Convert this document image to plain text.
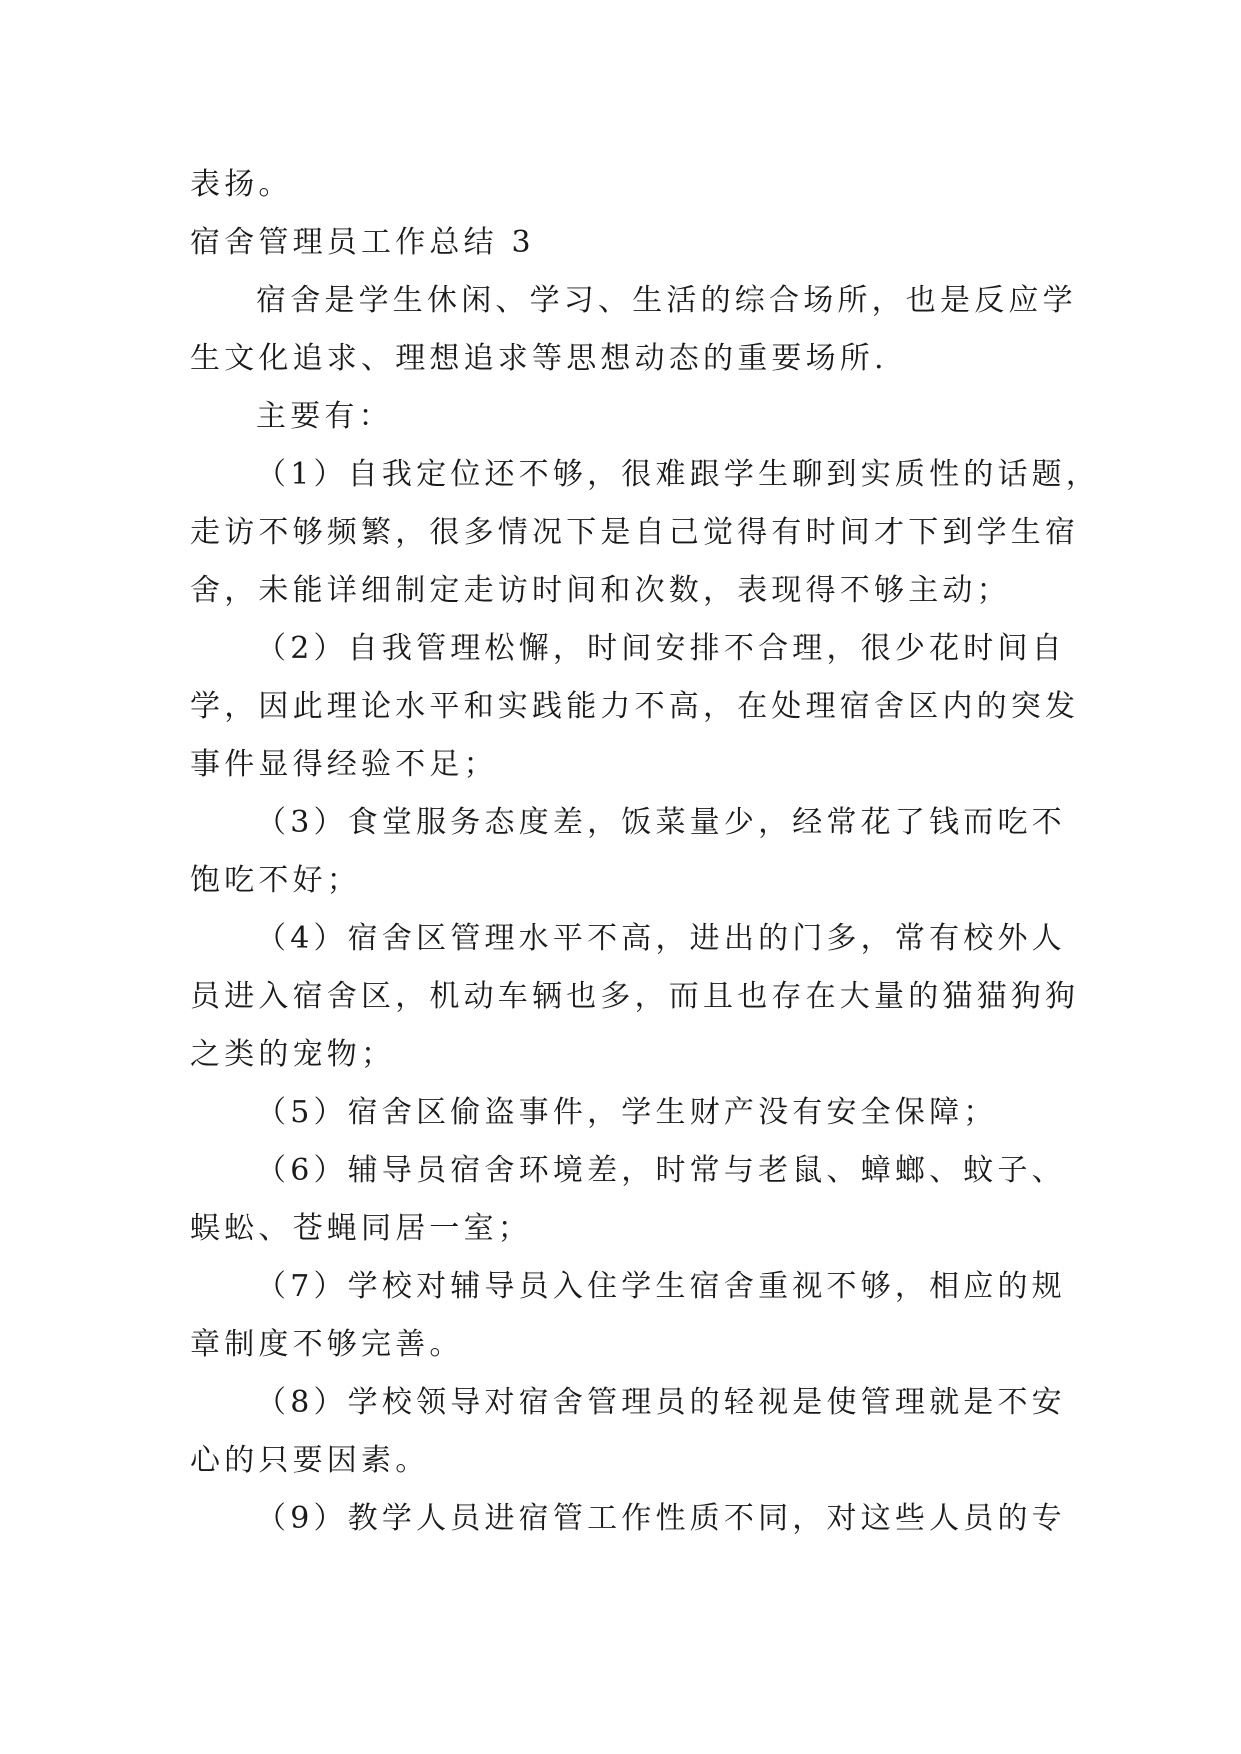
表扬。
宿舍管理员工作总结 3
宿舍是学生休闲、学习、生活的综合场所，也是反应学
生文化追求、理想追求等思想动态的重要场所.
主要有：
（1）自我定位还不够，很难跟学生聊到实质性的话题，
走访不够频繁，很多情况下是自己觉得有时间才下到学生宿
舍，未能详细制定走访时间和次数，表现得不够主动；
（2）自我管理松懈，时间安排不合理，很少花时间自
学，因此理论水平和实践能力不高，在处理宿舍区内的突发
事件显得经验不足；
（3）食堂服务态度差，饭菜量少，经常花了钱而吃不
饱吃不好；
（4）宿舍区管理水平不高，进出的门多，常有校外人
员进入宿舍区，机动车辆也多，而且也存在大量的猫猫狗狗
之类的宠物；
（5）宿舍区偷盗事件，学生财产没有安全保障；
（6）辅导员宿舍环境差，时常与老鼠、蟑螂、蚊子、
蜈蚣、苍蝇同居一室；
（7）学校对辅导员入住学生宿舍重视不够，相应的规
章制度不够完善。
（8）学校领导对宿舍管理员的轻视是使管理就是不安
心的只要因素。
（9）教学人员进宿管工作性质不同，对这些人员的专
